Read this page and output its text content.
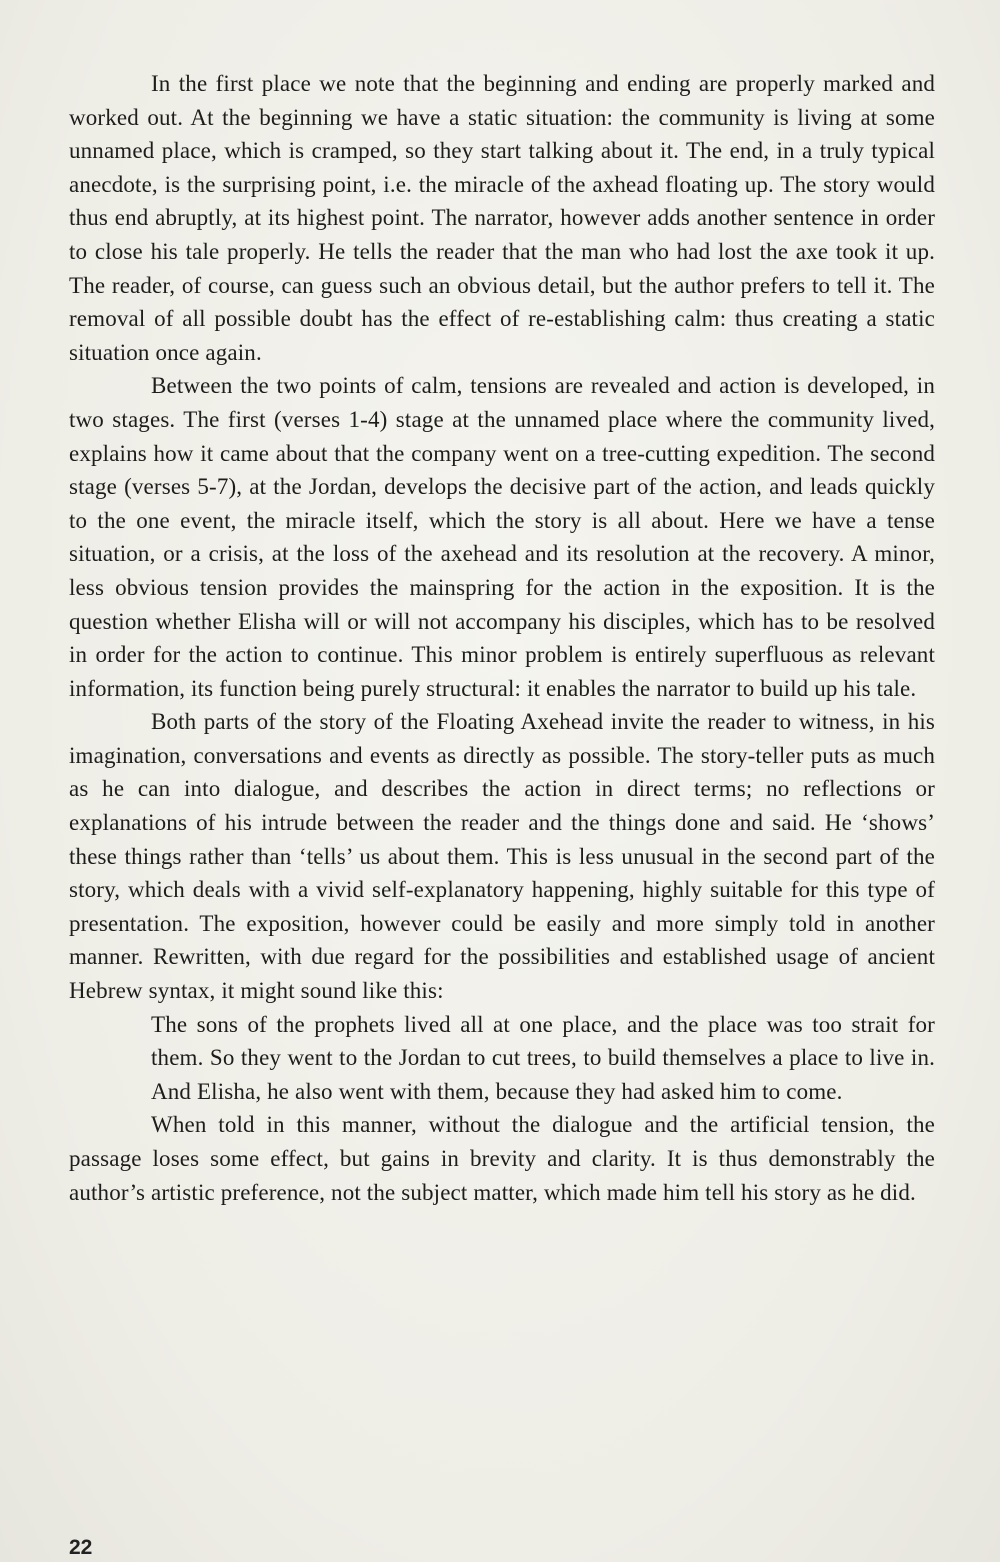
In the first place we note that the beginning and ending are properly marked and worked out. At the beginning we have a static situation: the community is living at some unnamed place, which is cramped, so they start talking about it. The end, in a truly typical anecdote, is the surprising point, i.e. the miracle of the axhead floating up. The story would thus end abruptly, at its highest point. The narrator, however adds another sentence in order to close his tale properly. He tells the reader that the man who had lost the axe took it up. The reader, of course, can guess such an obvious detail, but the author prefers to tell it. The removal of all possible doubt has the effect of re-establishing calm: thus creating a static situation once again.

Between the two points of calm, tensions are revealed and action is developed, in two stages. The first (verses 1-4) stage at the unnamed place where the community lived, explains how it came about that the company went on a tree-cutting expedition. The second stage (verses 5-7), at the Jordan, develops the decisive part of the action, and leads quickly to the one event, the miracle itself, which the story is all about. Here we have a tense situation, or a crisis, at the loss of the axehead and its resolution at the recovery. A minor, less obvious tension provides the mainspring for the action in the exposition. It is the question whether Elisha will or will not accompany his disciples, which has to be resolved in order for the action to continue. This minor problem is entirely superfluous as relevant information, its function being purely structural: it enables the narrator to build up his tale.

Both parts of the story of the Floating Axehead invite the reader to witness, in his imagination, conversations and events as directly as possible. The story-teller puts as much as he can into dialogue, and describes the action in direct terms; no reflections or explanations of his intrude between the reader and the things done and said. He ‘shows’ these things rather than ‘tells’ us about them. This is less unusual in the second part of the story, which deals with a vivid self-explanatory happening, highly suitable for this type of presentation. The exposition, however could be easily and more simply told in another manner. Rewritten, with due regard for the possibilities and established usage of ancient Hebrew syntax, it might sound like this:

The sons of the prophets lived all at one place, and the place was too strait for them. So they went to the Jordan to cut trees, to build themselves a place to live in. And Elisha, he also went with them, because they had asked him to come.

When told in this manner, without the dialogue and the artificial tension, the passage loses some effect, but gains in brevity and clarity. It is thus demonstrably the author’s artistic preference, not the subject matter, which made him tell his story as he did.

22
